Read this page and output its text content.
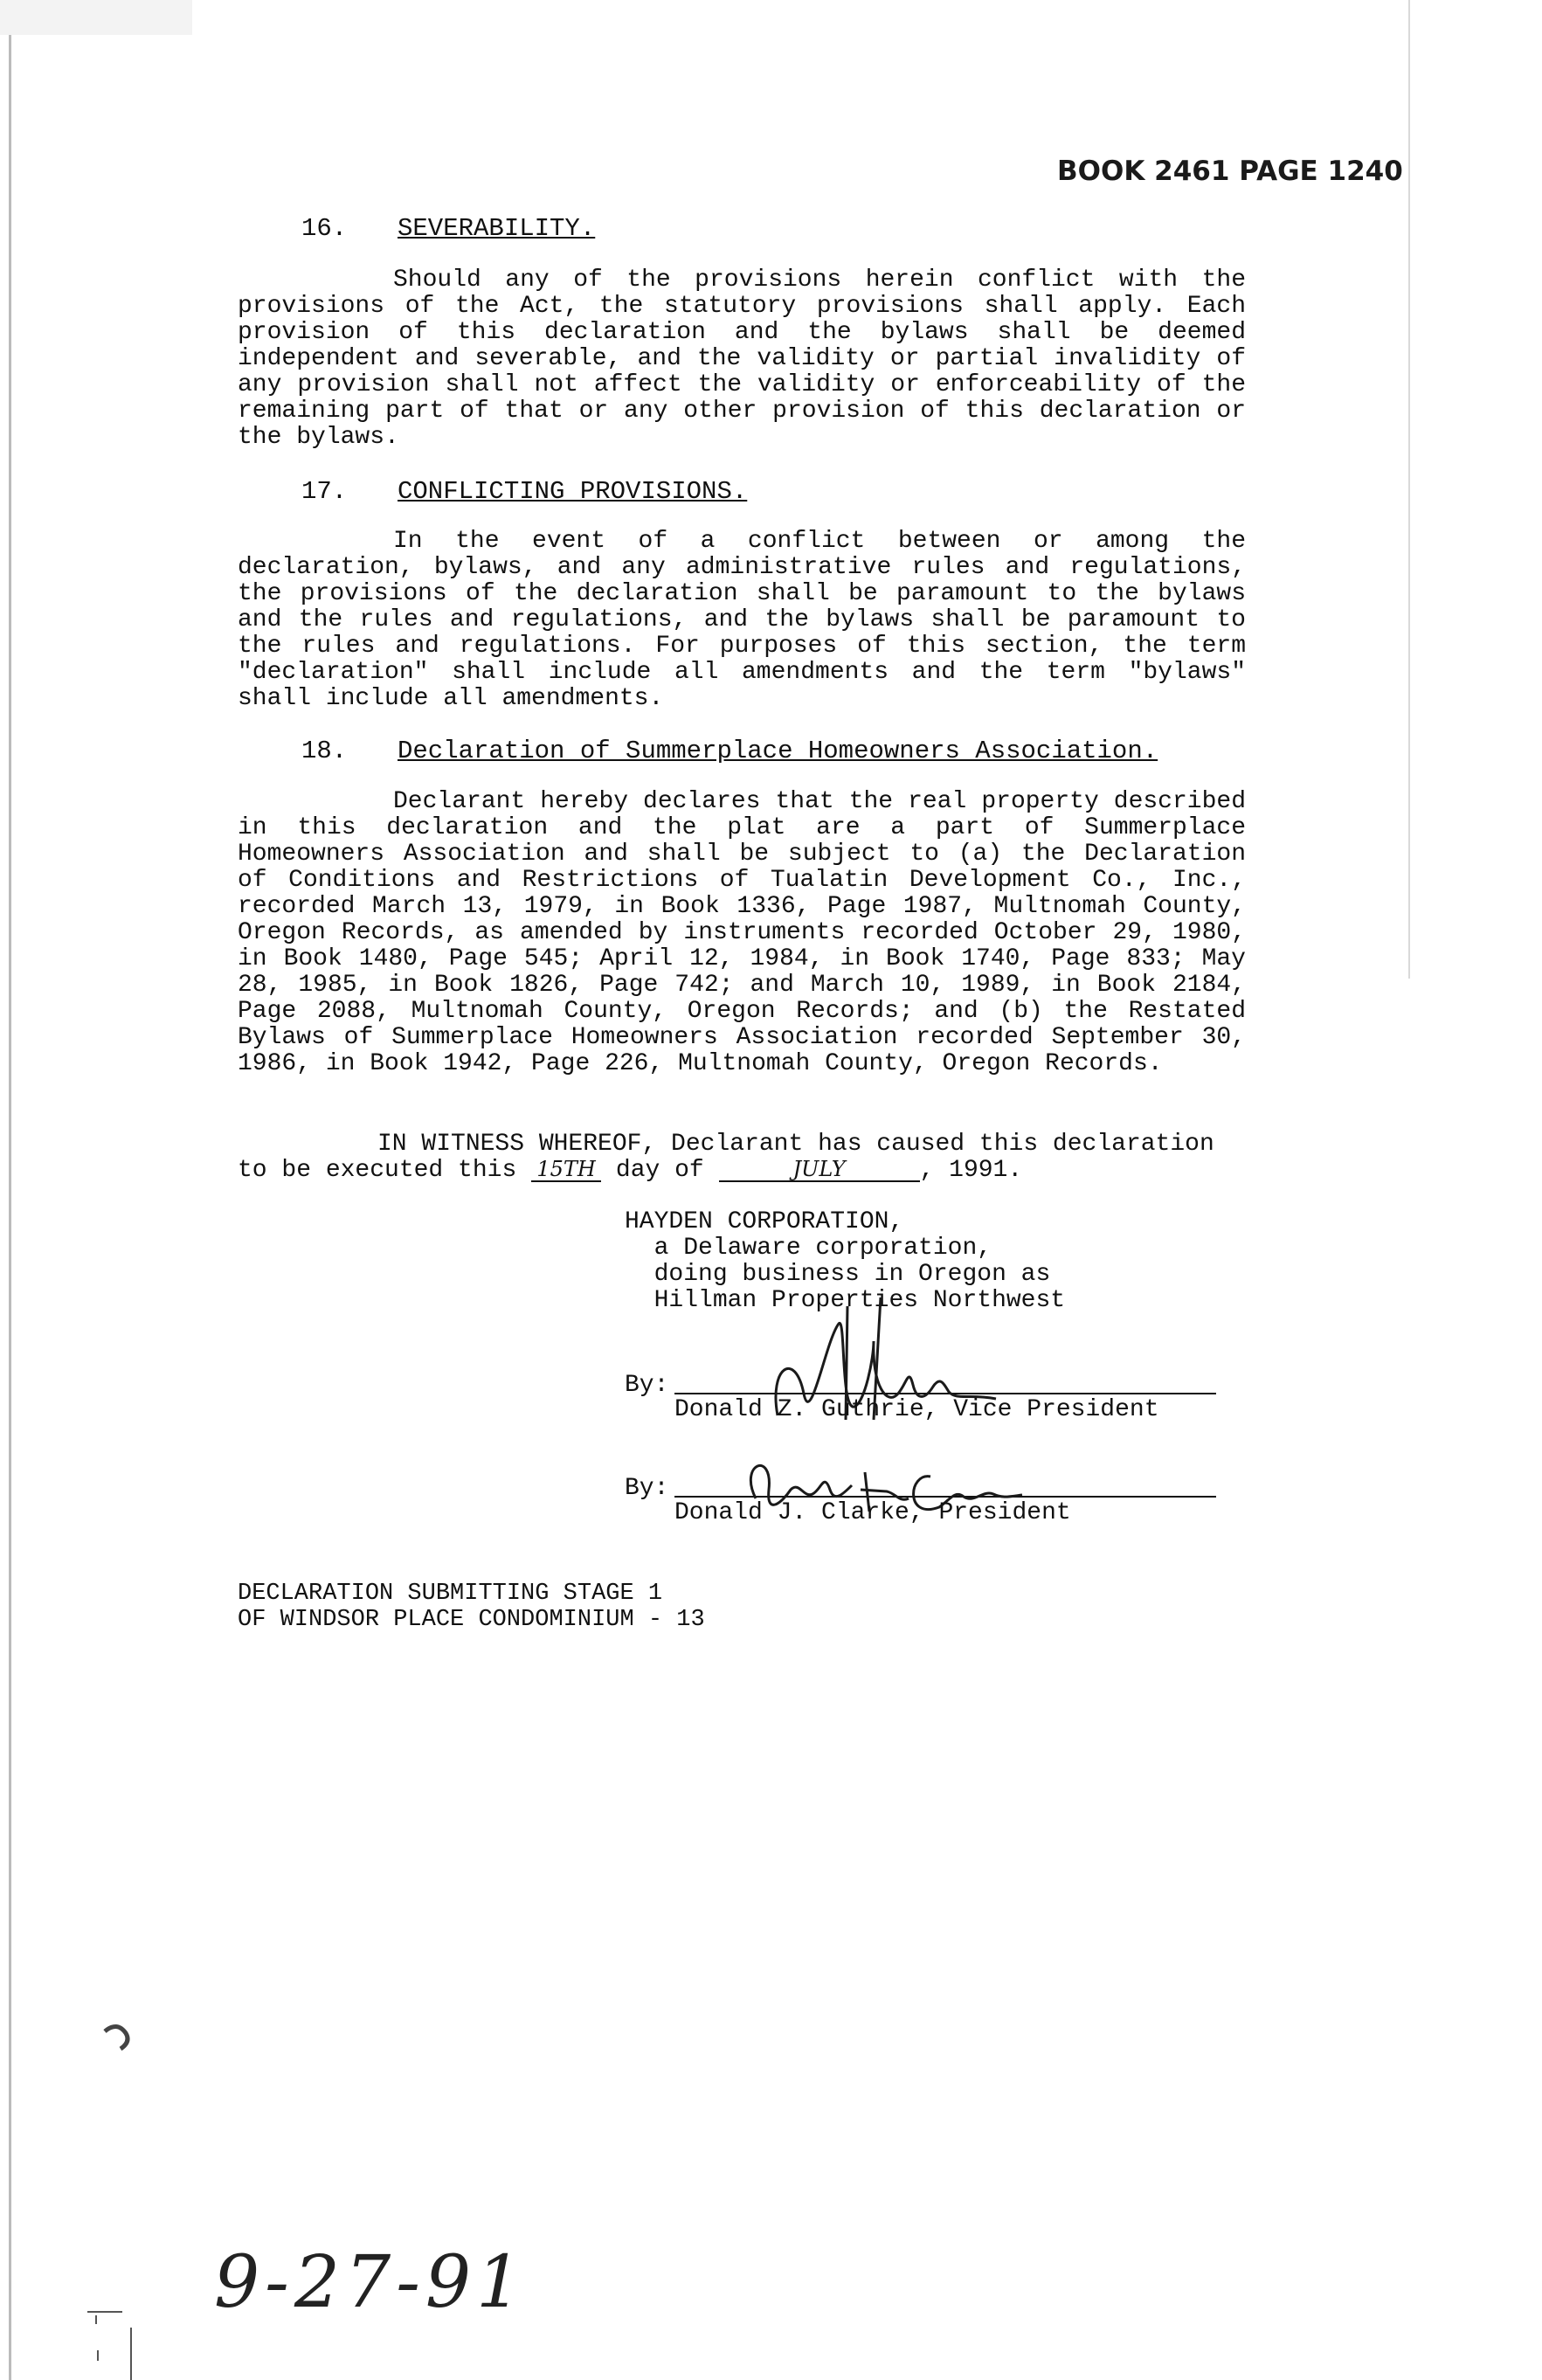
BOOK 2461 PAGE 1240
16. SEVERABILITY.
Should any of the provisions herein conflict with the provisions of the Act, the statutory provisions shall apply. Each provision of this declaration and the bylaws shall be deemed independent and severable, and the validity or partial invalidity of any provision shall not affect the validity or enforceability of the remaining part of that or any other provision of this declaration or the bylaws.
17. CONFLICTING PROVISIONS.
In the event of a conflict between or among the declaration, bylaws, and any administrative rules and regulations, the provisions of the declaration shall be paramount to the bylaws and the rules and regulations, and the bylaws shall be paramount to the rules and regulations. For purposes of this section, the term "declaration" shall include all amendments and the term "bylaws" shall include all amendments.
18. Declaration of Summerplace Homeowners Association.
Declarant hereby declares that the real property described in this declaration and the plat are a part of Summerplace Homeowners Association and shall be subject to (a) the Declaration of Conditions and Restrictions of Tualatin Development Co., Inc., recorded March 13, 1979, in Book 1336, Page 1987, Multnomah County, Oregon Records, as amended by instruments recorded October 29, 1980, in Book 1480, Page 545; April 12, 1984, in Book 1740, Page 833; May 28, 1985, in Book 1826, Page 742; and March 10, 1989, in Book 2184, Page 2088, Multnomah County, Oregon Records; and (b) the Restated Bylaws of Summerplace Homeowners Association recorded September 30, 1986, in Book 1942, Page 226, Multnomah County, Oregon Records.
IN WITNESS WHEREOF, Declarant has caused this declaration
to be executed this 15TH day of	JULY	, 1991.
HAYDEN CORPORATION,
a Delaware corporation,
doing business in Oregon as
Hillman Properties Northwest
By:
Donald Z. Guthrie, Vice President
By:
Donald J. Clarke, President
DECLARATION SUBMITTING STAGE 1
OF WINDSOR PLACE CONDOMINIUM - 13
9-27-91
